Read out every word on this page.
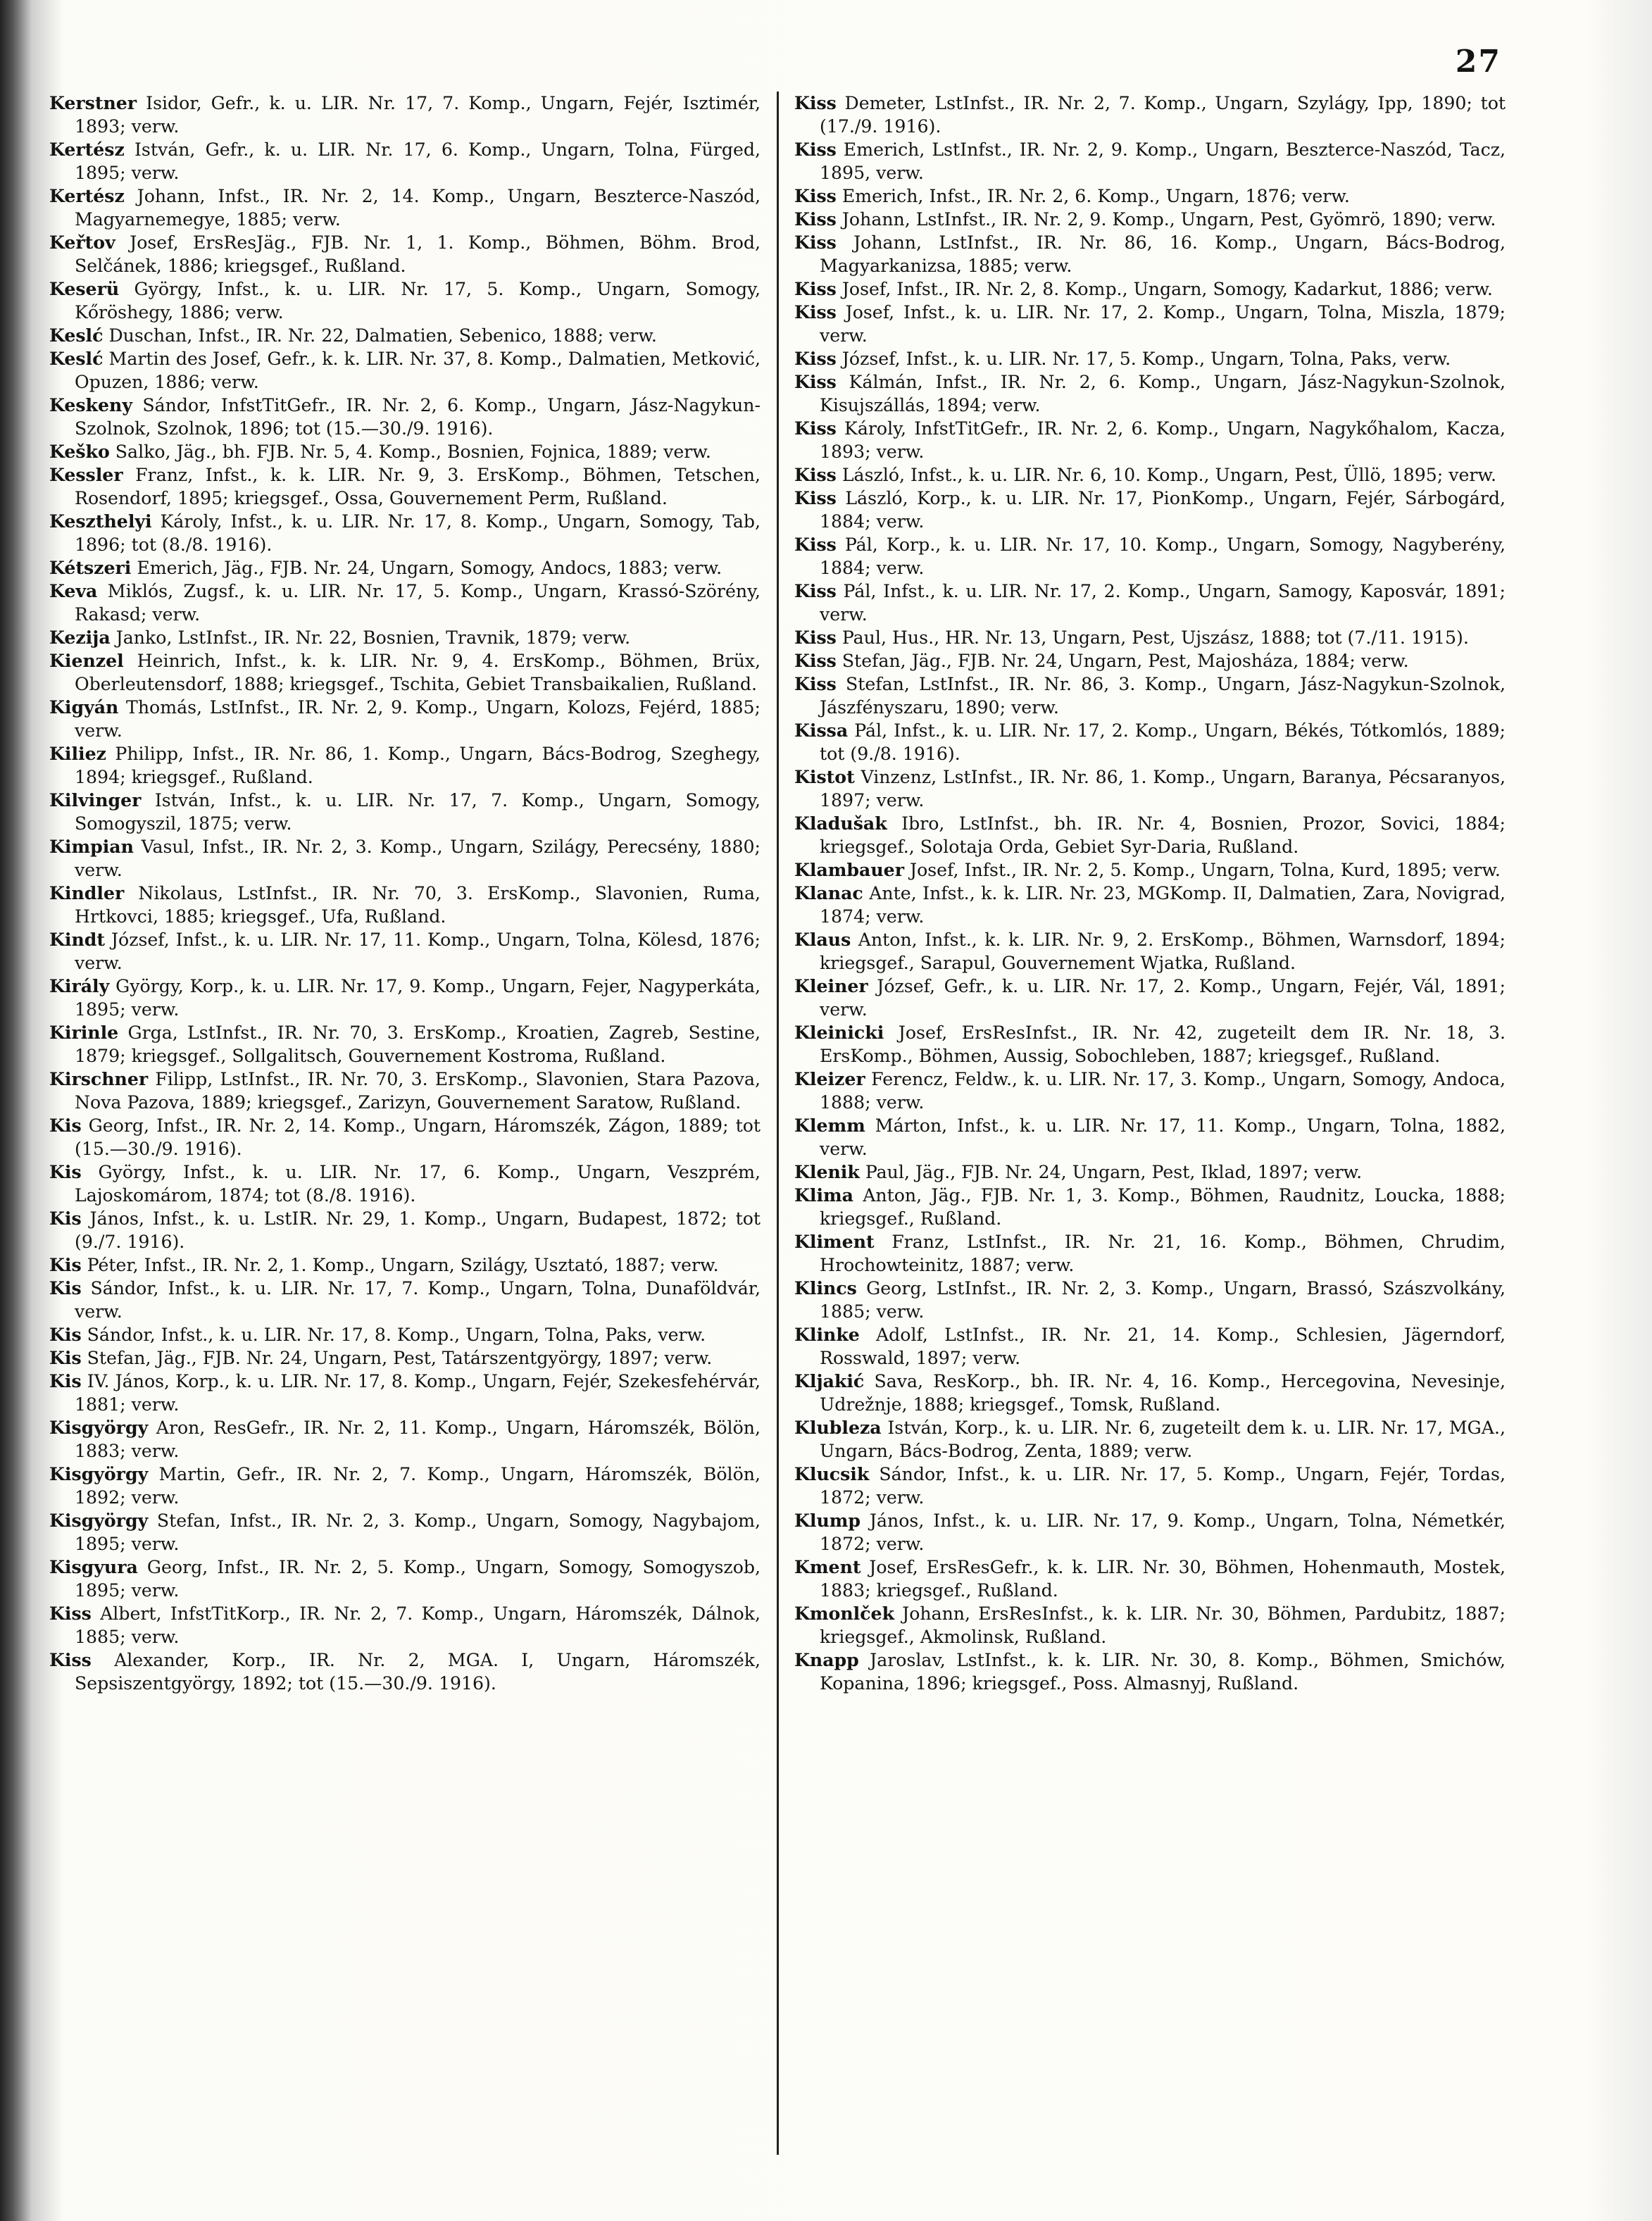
27

Kerstner Isidor, Gefr., k. u. LIR. Nr. 17, 7. Komp., Ungarn, Fejér, Isztimér, 1893; verw.

Kertész István, Gefr., k. u. LIR. Nr. 17, 6. Komp., Ungarn, Tolna, Fürged, 1895; verw.

Kertész Johann, Infst., IR. Nr. 2, 14. Komp., Ungarn, Beszterce-Naszód, Magyarnemegye, 1885; verw.

Keřtov Josef, ErsResJäg., FJB. Nr. 1, 1. Komp., Böhmen, Böhm. Brod, Selčánek, 1886; kriegsgef., Rußland.

Keserü György, Infst., k. u. LIR. Nr. 17, 5. Komp., Ungarn, Somogy, Kőröshegy, 1886; verw.

Keslć Duschan, Infst., IR. Nr. 22, Dalmatien, Sebenico, 1888; verw.

Keslć Martin des Josef, Gefr., k. k. LIR. Nr. 37, 8. Komp., Dalmatien, Metković, Opuzen, 1886; verw.

Keskeny Sándor, InfstTitGefr., IR. Nr. 2, 6. Komp., Ungarn, Jász-Nagykun-Szolnok, Szolnok, 1896; tot (15.—30./9. 1916).

Keško Salko, Jäg., bh. FJB. Nr. 5, 4. Komp., Bosnien, Fojnica, 1889; verw.

Kessler Franz, Infst., k. k. LIR. Nr. 9, 3. ErsKomp., Böhmen, Tetschen, Rosendorf, 1895; kriegsgef., Ossa, Gouvernement Perm, Rußland.

Keszthelyi Károly, Infst., k. u. LIR. Nr. 17, 8. Komp., Ungarn, Somogy, Tab, 1896; tot (8./8. 1916).

Kétszeri Emerich, Jäg., FJB. Nr. 24, Ungarn, Somogy, Andocs, 1883; verw.

Keva Miklós, Zugsf., k. u. LIR. Nr. 17, 5. Komp., Ungarn, Krassó-Szörény, Rakasd; verw.

Kezija Janko, LstInfst., IR. Nr. 22, Bosnien, Travnik, 1879; verw.

Kienzel Heinrich, Infst., k. k. LIR. Nr. 9, 4. ErsKomp., Böhmen, Brüx, Oberleutensdorf, 1888; kriegsgef., Tschita, Gebiet Transbaikalien, Rußland.

Kigyán Thomás, LstInfst., IR. Nr. 2, 9. Komp., Ungarn, Kolozs, Fejérd, 1885; verw.

Kiliez Philipp, Infst., IR. Nr. 86, 1. Komp., Ungarn, Bács-Bodrog, Szeghegy, 1894; kriegsgef., Rußland.

Kilvinger István, Infst., k. u. LIR. Nr. 17, 7. Komp., Ungarn, Somogy, Somogyszil, 1875; verw.

Kimpian Vasul, Infst., IR. Nr. 2, 3. Komp., Ungarn, Szilágy, Perecsény, 1880; verw.

Kindler Nikolaus, LstInfst., IR. Nr. 70, 3. ErsKomp., Slavonien, Ruma, Hrtkovci, 1885; kriegsgef., Ufa, Rußland.

Kindt József, Infst., k. u. LIR. Nr. 17, 11. Komp., Ungarn, Tolna, Kölesd, 1876; verw.

Király György, Korp., k. u. LIR. Nr. 17, 9. Komp., Ungarn, Fejer, Nagyperkáta, 1895; verw.

Kirinle Grga, LstInfst., IR. Nr. 70, 3. ErsKomp., Kroatien, Zagreb, Sestine, 1879; kriegsgef., Sollgalitsch, Gouvernement Kostroma, Rußland.

Kirschner Filipp, LstInfst., IR. Nr. 70, 3. ErsKomp., Slavonien, Stara Pazova, Nova Pazova, 1889; kriegsgef., Zarizyn, Gouvernement Saratow, Rußland.

Kis Georg, Infst., IR. Nr. 2, 14. Komp., Ungarn, Háromszék, Zágon, 1889; tot (15.—30./9. 1916).

Kis György, Infst., k. u. LIR. Nr. 17, 6. Komp., Ungarn, Veszprém, Lajoskomárom, 1874; tot (8./8. 1916).

Kis János, Infst., k. u. LstIR. Nr. 29, 1. Komp., Ungarn, Budapest, 1872; tot (9./7. 1916).

Kis Péter, Infst., IR. Nr. 2, 1. Komp., Ungarn, Szilágy, Usztató, 1887; verw.

Kis Sándor, Infst., k. u. LIR. Nr. 17, 7. Komp., Ungarn, Tolna, Dunaföldvár, verw.

Kis Sándor, Infst., k. u. LIR. Nr. 17, 8. Komp., Ungarn, Tolna, Paks, verw.

Kis Stefan, Jäg., FJB. Nr. 24, Ungarn, Pest, Tatárszentgyörgy, 1897; verw.

Kis IV. János, Korp., k. u. LIR. Nr. 17, 8. Komp., Ungarn, Fejér, Szekesfehérvár, 1881; verw.

Kisgyörgy Aron, ResGefr., IR. Nr. 2, 11. Komp., Ungarn, Háromszék, Bölön, 1883; verw.

Kisgyörgy Martin, Gefr., IR. Nr. 2, 7. Komp., Ungarn, Háromszék, Bölön, 1892; verw.

Kisgyörgy Stefan, Infst., IR. Nr. 2, 3. Komp., Ungarn, Somogy, Nagybajom, 1895; verw.

Kisgyura Georg, Infst., IR. Nr. 2, 5. Komp., Ungarn, Somogy, Somogyszob, 1895; verw.

Kiss Albert, InfstTitKorp., IR. Nr. 2, 7. Komp., Ungarn, Háromszék, Dálnok, 1885; verw.

Kiss Alexander, Korp., IR. Nr. 2, MGA. I, Ungarn, Háromszék, Sepsiszentgyörgy, 1892; tot (15.—30./9. 1916).

Kiss Demeter, LstInfst., IR. Nr. 2, 7. Komp., Ungarn, Szylágy, Ipp, 1890; tot (17./9. 1916).

Kiss Emerich, LstInfst., IR. Nr. 2, 9. Komp., Ungarn, Beszterce-Naszód, Tacz, 1895, verw.

Kiss Emerich, Infst., IR. Nr. 2, 6. Komp., Ungarn, 1876; verw.

Kiss Johann, LstInfst., IR. Nr. 2, 9. Komp., Ungarn, Pest, Gyömrö, 1890; verw.

Kiss Johann, LstInfst., IR. Nr. 86, 16. Komp., Ungarn, Bács-Bodrog, Magyarkanizsa, 1885; verw.

Kiss Josef, Infst., IR. Nr. 2, 8. Komp., Ungarn, Somogy, Kadarkut, 1886; verw.

Kiss Josef, Infst., k. u. LIR. Nr. 17, 2. Komp., Ungarn, Tolna, Miszla, 1879; verw.

Kiss József, Infst., k. u. LIR. Nr. 17, 5. Komp., Ungarn, Tolna, Paks, verw.

Kiss Kálmán, Infst., IR. Nr. 2, 6. Komp., Ungarn, Jász-Nagykun-Szolnok, Kisujszállás, 1894; verw.

Kiss Károly, InfstTitGefr., IR. Nr. 2, 6. Komp., Ungarn, Nagykőhalom, Kacza, 1893; verw.

Kiss László, Infst., k. u. LIR. Nr. 6, 10. Komp., Ungarn, Pest, Üllö, 1895; verw.

Kiss László, Korp., k. u. LIR. Nr. 17, PionKomp., Ungarn, Fejér, Sárbogárd, 1884; verw.

Kiss Pál, Korp., k. u. LIR. Nr. 17, 10. Komp., Ungarn, Somogy, Nagyberény, 1884; verw.

Kiss Pál, Infst., k. u. LIR. Nr. 17, 2. Komp., Ungarn, Samogy, Kaposvár, 1891; verw.

Kiss Paul, Hus., HR. Nr. 13, Ungarn, Pest, Ujszász, 1888; tot (7./11. 1915).

Kiss Stefan, Jäg., FJB. Nr. 24, Ungarn, Pest, Majosháza, 1884; verw.

Kiss Stefan, LstInfst., IR. Nr. 86, 3. Komp., Ungarn, Jász-Nagykun-Szolnok, Jászfényszaru, 1890; verw.

Kissa Pál, Infst., k. u. LIR. Nr. 17, 2. Komp., Ungarn, Békés, Tótkomlós, 1889; tot (9./8. 1916).

Kistot Vinzenz, LstInfst., IR. Nr. 86, 1. Komp., Ungarn, Baranya, Pécsaranyos, 1897; verw.

Kladušak Ibro, LstInfst., bh. IR. Nr. 4, Bosnien, Prozor, Sovici, 1884; kriegsgef., Solotaja Orda, Gebiet Syr-Daria, Rußland.

Klambauer Josef, Infst., IR. Nr. 2, 5. Komp., Ungarn, Tolna, Kurd, 1895; verw.

Klanac Ante, Infst., k. k. LIR. Nr. 23, MGKomp. II, Dalmatien, Zara, Novigrad, 1874; verw.

Klaus Anton, Infst., k. k. LIR. Nr. 9, 2. ErsKomp., Böhmen, Warnsdorf, 1894; kriegsgef., Sarapul, Gouvernement Wjatka, Rußland.

Kleiner József, Gefr., k. u. LIR. Nr. 17, 2. Komp., Ungarn, Fejér, Vál, 1891; verw.

Kleinicki Josef, ErsResInfst., IR. Nr. 42, zugeteilt dem IR. Nr. 18, 3. ErsKomp., Böhmen, Aussig, Sobochleben, 1887; kriegsgef., Rußland.

Kleizer Ferencz, Feldw., k. u. LIR. Nr. 17, 3. Komp., Ungarn, Somogy, Andoca, 1888; verw.

Klemm Márton, Infst., k. u. LIR. Nr. 17, 11. Komp., Ungarn, Tolna, 1882, verw.

Klenik Paul, Jäg., FJB. Nr. 24, Ungarn, Pest, Iklad, 1897; verw.

Klima Anton, Jäg., FJB. Nr. 1, 3. Komp., Böhmen, Raudnitz, Loucka, 1888; kriegsgef., Rußland.

Kliment Franz, LstInfst., IR. Nr. 21, 16. Komp., Böhmen, Chrudim, Hrochowteinitz, 1887; verw.

Klincs Georg, LstInfst., IR. Nr. 2, 3. Komp., Ungarn, Brassó, Szászvolkány, 1885; verw.

Klinke Adolf, LstInfst., IR. Nr. 21, 14. Komp., Schlesien, Jägerndorf, Rosswald, 1897; verw.

Kljakić Sava, ResKorp., bh. IR. Nr. 4, 16. Komp., Hercegovina, Nevesinje, Udrežnje, 1888; kriegsgef., Tomsk, Rußland.

Klubleza István, Korp., k. u. LIR. Nr. 6, zugeteilt dem k. u. LIR. Nr. 17, MGA., Ungarn, Bács-Bodrog, Zenta, 1889; verw.

Klucsik Sándor, Infst., k. u. LIR. Nr. 17, 5. Komp., Ungarn, Fejér, Tordas, 1872; verw.

Klump János, Infst., k. u. LIR. Nr. 17, 9. Komp., Ungarn, Tolna, Németkér, 1872; verw.

Kment Josef, ErsResGefr., k. k. LIR. Nr. 30, Böhmen, Hohenmauth, Mostek, 1883; kriegsgef., Rußland.

Kmonlček Johann, ErsResInfst., k. k. LIR. Nr. 30, Böhmen, Pardubitz, 1887; kriegsgef., Akmolinsk, Rußland.

Knapp Jaroslav, LstInfst., k. k. LIR. Nr. 30, 8. Komp., Böhmen, Smichów, Kopanina, 1896; kriegsgef., Poss. Almasnyj, Rußland.
